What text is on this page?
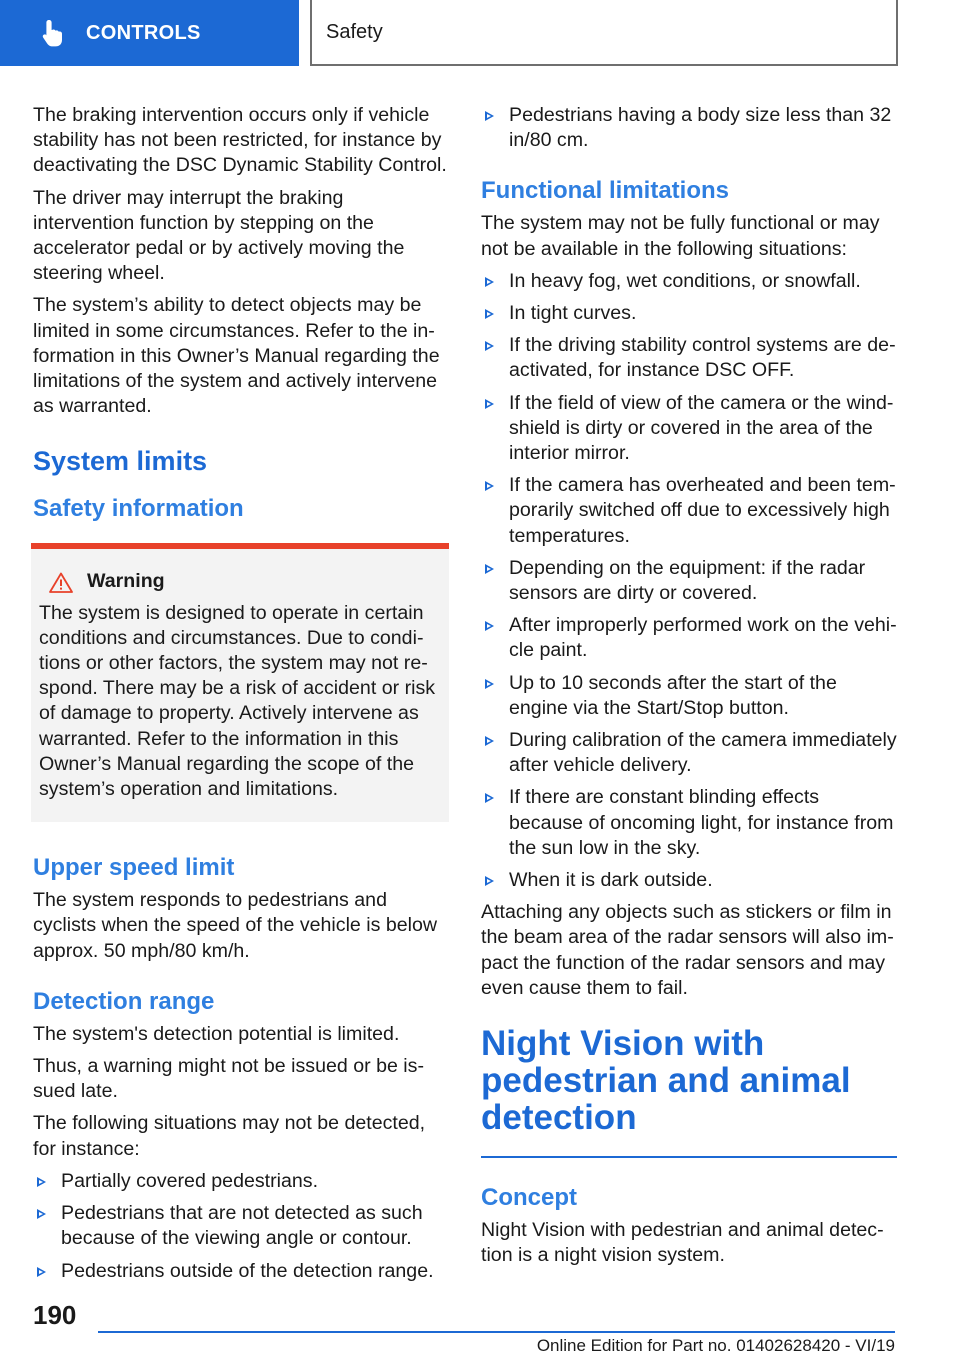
CONTROLS	Safety

The braking intervention occurs only if vehicle stability has not been restricted, for instance by deactivating the DSC Dynamic Stability Control.

The driver may interrupt the braking intervention function by stepping on the accelerator pedal or by actively moving the steering wheel.

The system’s ability to detect objects may be limited in some circumstances. Refer to the information in this Owner’s Manual regarding the limitations of the system and actively intervene as warranted.

System limits
Safety information
Warning

The system is designed to operate in certain conditions and circumstances. Due to conditions or other factors, the system may not respond. There may be a risk of accident or risk of damage to property. Actively intervene as warranted. Refer to the information in this Owner’s Manual regarding the scope of the system’s operation and limitations.

Upper speed limit

The system responds to pedestrians and cyclists when the speed of the vehicle is below approx. 50 mph/80 km/h.

Detection range

The system's detection potential is limited.

Thus, a warning might not be issued or be issued late.

The following situations may not be detected, for instance:

Partially covered pedestrians.
Pedestrians that are not detected as such because of the viewing angle or contour.
Pedestrians outside of the detection range.
Pedestrians having a body size less than 32 in/80 cm.
Functional limitations

The system may not be fully functional or may not be available in the following situations:

In heavy fog, wet conditions, or snowfall.
In tight curves.
If the driving stability control systems are deactivated, for instance DSC OFF.
If the field of view of the camera or the windshield is dirty or covered in the area of the interior mirror.
If the camera has overheated and been temporarily switched off due to excessively high temperatures.
Depending on the equipment: if the radar sensors are dirty or covered.
After improperly performed work on the vehicle paint.
Up to 10 seconds after the start of the engine via the Start/Stop button.
During calibration of the camera immediately after vehicle delivery.
If there are constant blinding effects because of oncoming light, for instance from the sun low in the sky.
When it is dark outside.

Attaching any objects such as stickers or film in the beam area of the radar sensors will also impact the function of the radar sensors and may even cause them to fail.

Night Vision with pedestrian and animal detection
Concept

Night Vision with pedestrian and animal detection is a night vision system.

190
Online Edition for Part no. 01402628420 - VI/19
